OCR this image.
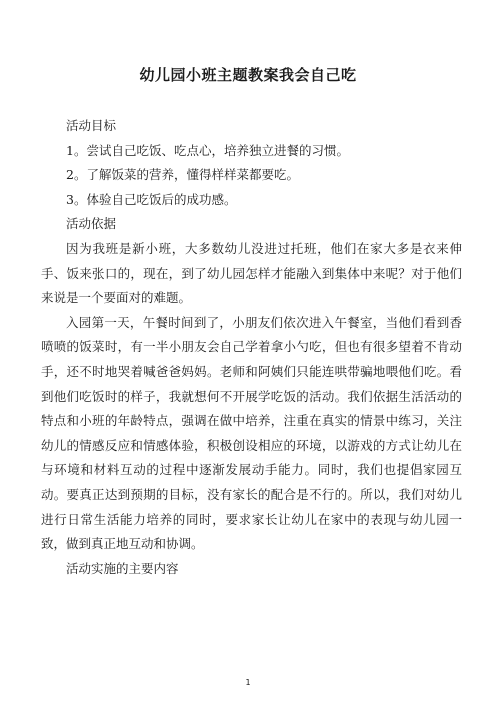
幼儿园小班主题教案我会自己吃
活动目标
1。尝试自己吃饭、吃点心，培养独立进餐的习惯。
2。了解饭菜的营养，懂得样样菜都要吃。
3。体验自己吃饭后的成功感。
活动依据

因为我班是新小班，大多数幼儿没进过托班，他们在家大多是衣来伸手、饭来张口的，现在，到了幼儿园怎样才能融入到集体中来呢？对于他们来说是一个要面对的难题。

入园第一天，午餐时间到了，小朋友们依次进入午餐室，当他们看到香喷喷的饭菜时，有一半小朋友会自己学着拿小勺吃，但也有很多望着不肯动手，还不时地哭着喊爸爸妈妈。老师和阿姨们只能连哄带骗地喂他们吃。看到他们吃饭时的样子，我就想何不开展学吃饭的活动。我们依据生活活动的特点和小班的年龄特点，强调在做中培养，注重在真实的情景中练习，关注幼儿的情感反应和情感体验，积极创设相应的环境，以游戏的方式让幼儿在与环境和材料互动的过程中逐渐发展动手能力。同时，我们也提倡家园互动。要真正达到预期的目标，没有家长的配合是不行的。所以，我们对幼儿进行日常生活能力培养的同时，要求家长让幼儿在家中的表现与幼儿园一致，做到真正地互动和协调。

活动实施的主要内容
1
